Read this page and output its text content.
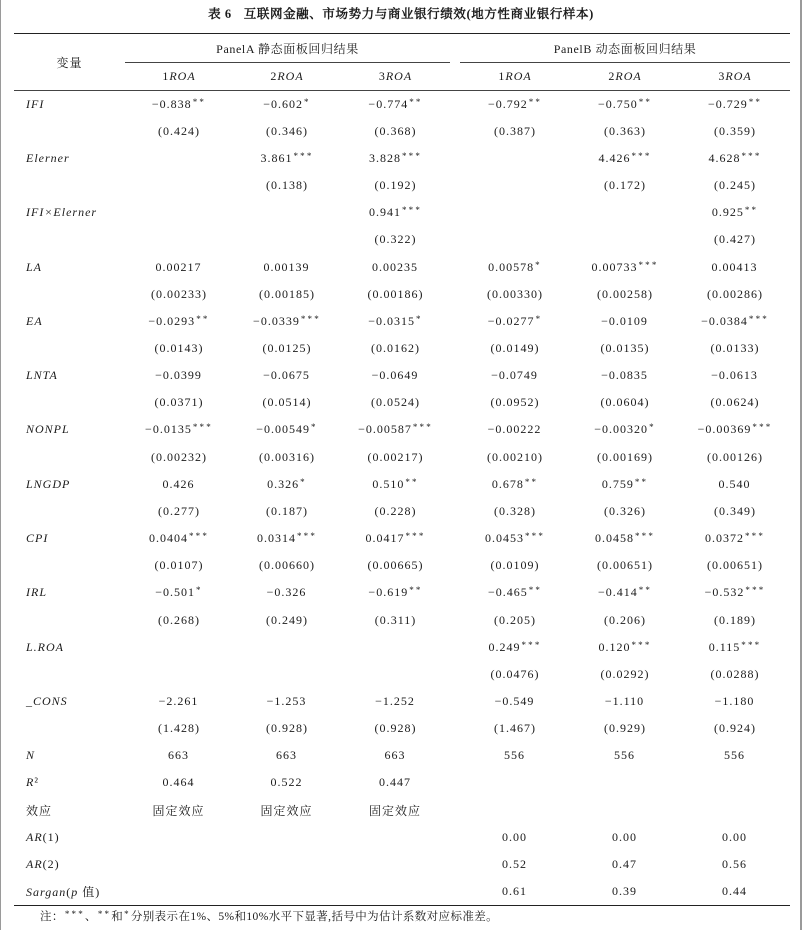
表 6 互联网金融、市场势力与商业银行绩效(地方性商业银行样本)
变量	PanelA 静态面板回归结果				PanelB 动态面板回归结果		
	1ROA	2ROA	3ROA		1ROA	2ROA	3ROA
IFI	−0.838**	−0.602*	−0.774**		−0.792**	−0.750**	−0.729**
	(0.424)	(0.346)	(0.368)		(0.387)	(0.363)	(0.359)
Elerner		3.861***	3.828***			4.426***	4.628***
		(0.138)	(0.192)			(0.172)	(0.245)
IFI×Elerner			0.941***				0.925**
			(0.322)				(0.427)
LA	0.00217	0.00139	0.00235		0.00578*	0.00733***	0.00413
	(0.00233)	(0.00185)	(0.00186)		(0.00330)	(0.00258)	(0.00286)
EA	−0.0293**	−0.0339***	−0.0315*		−0.0277*	−0.0109	−0.0384***
	(0.0143)	(0.0125)	(0.0162)		(0.0149)	(0.0135)	(0.0133)
LNTA	−0.0399	−0.0675	−0.0649		−0.0749	−0.0835	−0.0613
	(0.0371)	(0.0514)	(0.0524)		(0.0952)	(0.0604)	(0.0624)
NONPL	−0.0135***	−0.00549*	−0.00587***		−0.00222	−0.00320*	−0.00369***
	(0.00232)	(0.00316)	(0.00217)		(0.00210)	(0.00169)	(0.00126)
LNGDP	0.426	0.326*	0.510**		0.678**	0.759**	0.540
	(0.277)	(0.187)	(0.228)		(0.328)	(0.326)	(0.349)
CPI	0.0404***	0.0314***	0.0417***		0.0453***	0.0458***	0.0372***
	(0.0107)	(0.00660)	(0.00665)		(0.0109)	(0.00651)	(0.00651)
IRL	−0.501*	−0.326	−0.619**		−0.465**	−0.414**	−0.532***
	(0.268)	(0.249)	(0.311)		(0.205)	(0.206)	(0.189)
L.ROA					0.249***	0.120***	0.115***
					(0.0476)	(0.0292)	(0.0288)
_CONS	−2.261	−1.253	−1.252		−0.549	−1.110	−1.180
	(1.428)	(0.928)	(0.928)		(1.467)	(0.929)	(0.924)
N	663	663	663		556	556	556
R²	0.464	0.522	0.447				
效应	固定效应	固定效应	固定效应				
AR(1)					0.00	0.00	0.00
AR(2)					0.52	0.47	0.56
Sargan(p 值)					0.61	0.39	0.44
注：***、**和*分别表示在1%、5%和10%水平下显著,括号中为估计系数对应标准差。
